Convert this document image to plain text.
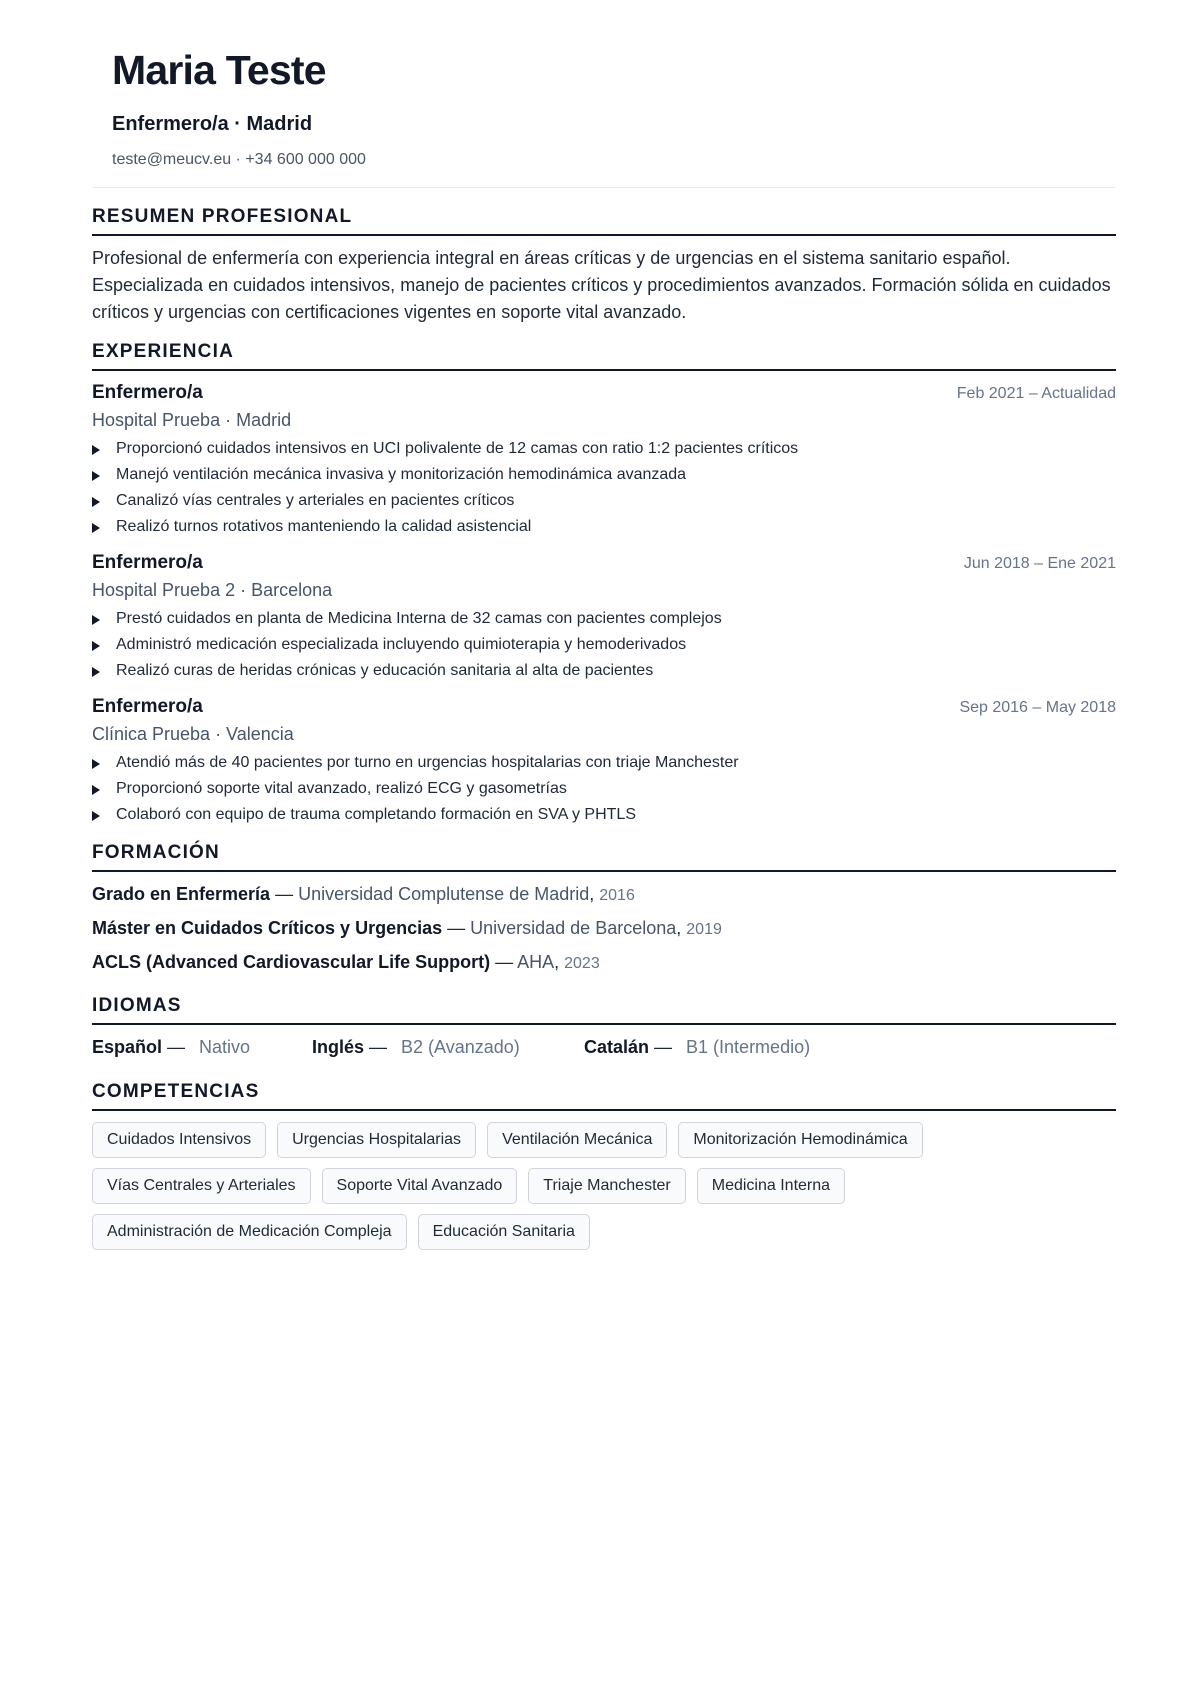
Maria Teste
Enfermero/a · Madrid
teste@meucv.eu · +34 600 000 000
RESUMEN PROFESIONAL
Profesional de enfermería con experiencia integral en áreas críticas y de urgencias en el sistema sanitario español. Especializada en cuidados intensivos, manejo de pacientes críticos y procedimientos avanzados. Formación sólida en cuidados críticos y urgencias con certificaciones vigentes en soporte vital avanzado.
EXPERIENCIA
Enfermero/a	Feb 2021 – Actualidad
Hospital Prueba · Madrid
Proporcionó cuidados intensivos en UCI polivalente de 12 camas con ratio 1:2 pacientes críticos
Manejó ventilación mecánica invasiva y monitorización hemodinámica avanzada
Canalizó vías centrales y arteriales en pacientes críticos
Realizó turnos rotativos manteniendo la calidad asistencial
Enfermero/a	Jun 2018 – Ene 2021
Hospital Prueba 2 · Barcelona
Prestó cuidados en planta de Medicina Interna de 32 camas con pacientes complejos
Administró medicación especializada incluyendo quimioterapia y hemoderivados
Realizó curas de heridas crónicas y educación sanitaria al alta de pacientes
Enfermero/a	Sep 2016 – May 2018
Clínica Prueba · Valencia
Atendió más de 40 pacientes por turno en urgencias hospitalarias con triaje Manchester
Proporcionó soporte vital avanzado, realizó ECG y gasometrías
Colaboró con equipo de trauma completando formación en SVA y PHTLS
FORMACIÓN
Grado en Enfermería — Universidad Complutense de Madrid, 2016
Máster en Cuidados Críticos y Urgencias — Universidad de Barcelona, 2019
ACLS (Advanced Cardiovascular Life Support) — AHA, 2023
IDIOMAS
Español — Nativo	Inglés — B2 (Avanzado)	Catalán — B1 (Intermedio)
COMPETENCIAS
Cuidados Intensivos	Urgencias Hospitalarias	Ventilación Mecánica	Monitorización Hemodinámica
Vías Centrales y Arteriales	Soporte Vital Avanzado	Triaje Manchester	Medicina Interna
Administración de Medicación Compleja	Educación Sanitaria
